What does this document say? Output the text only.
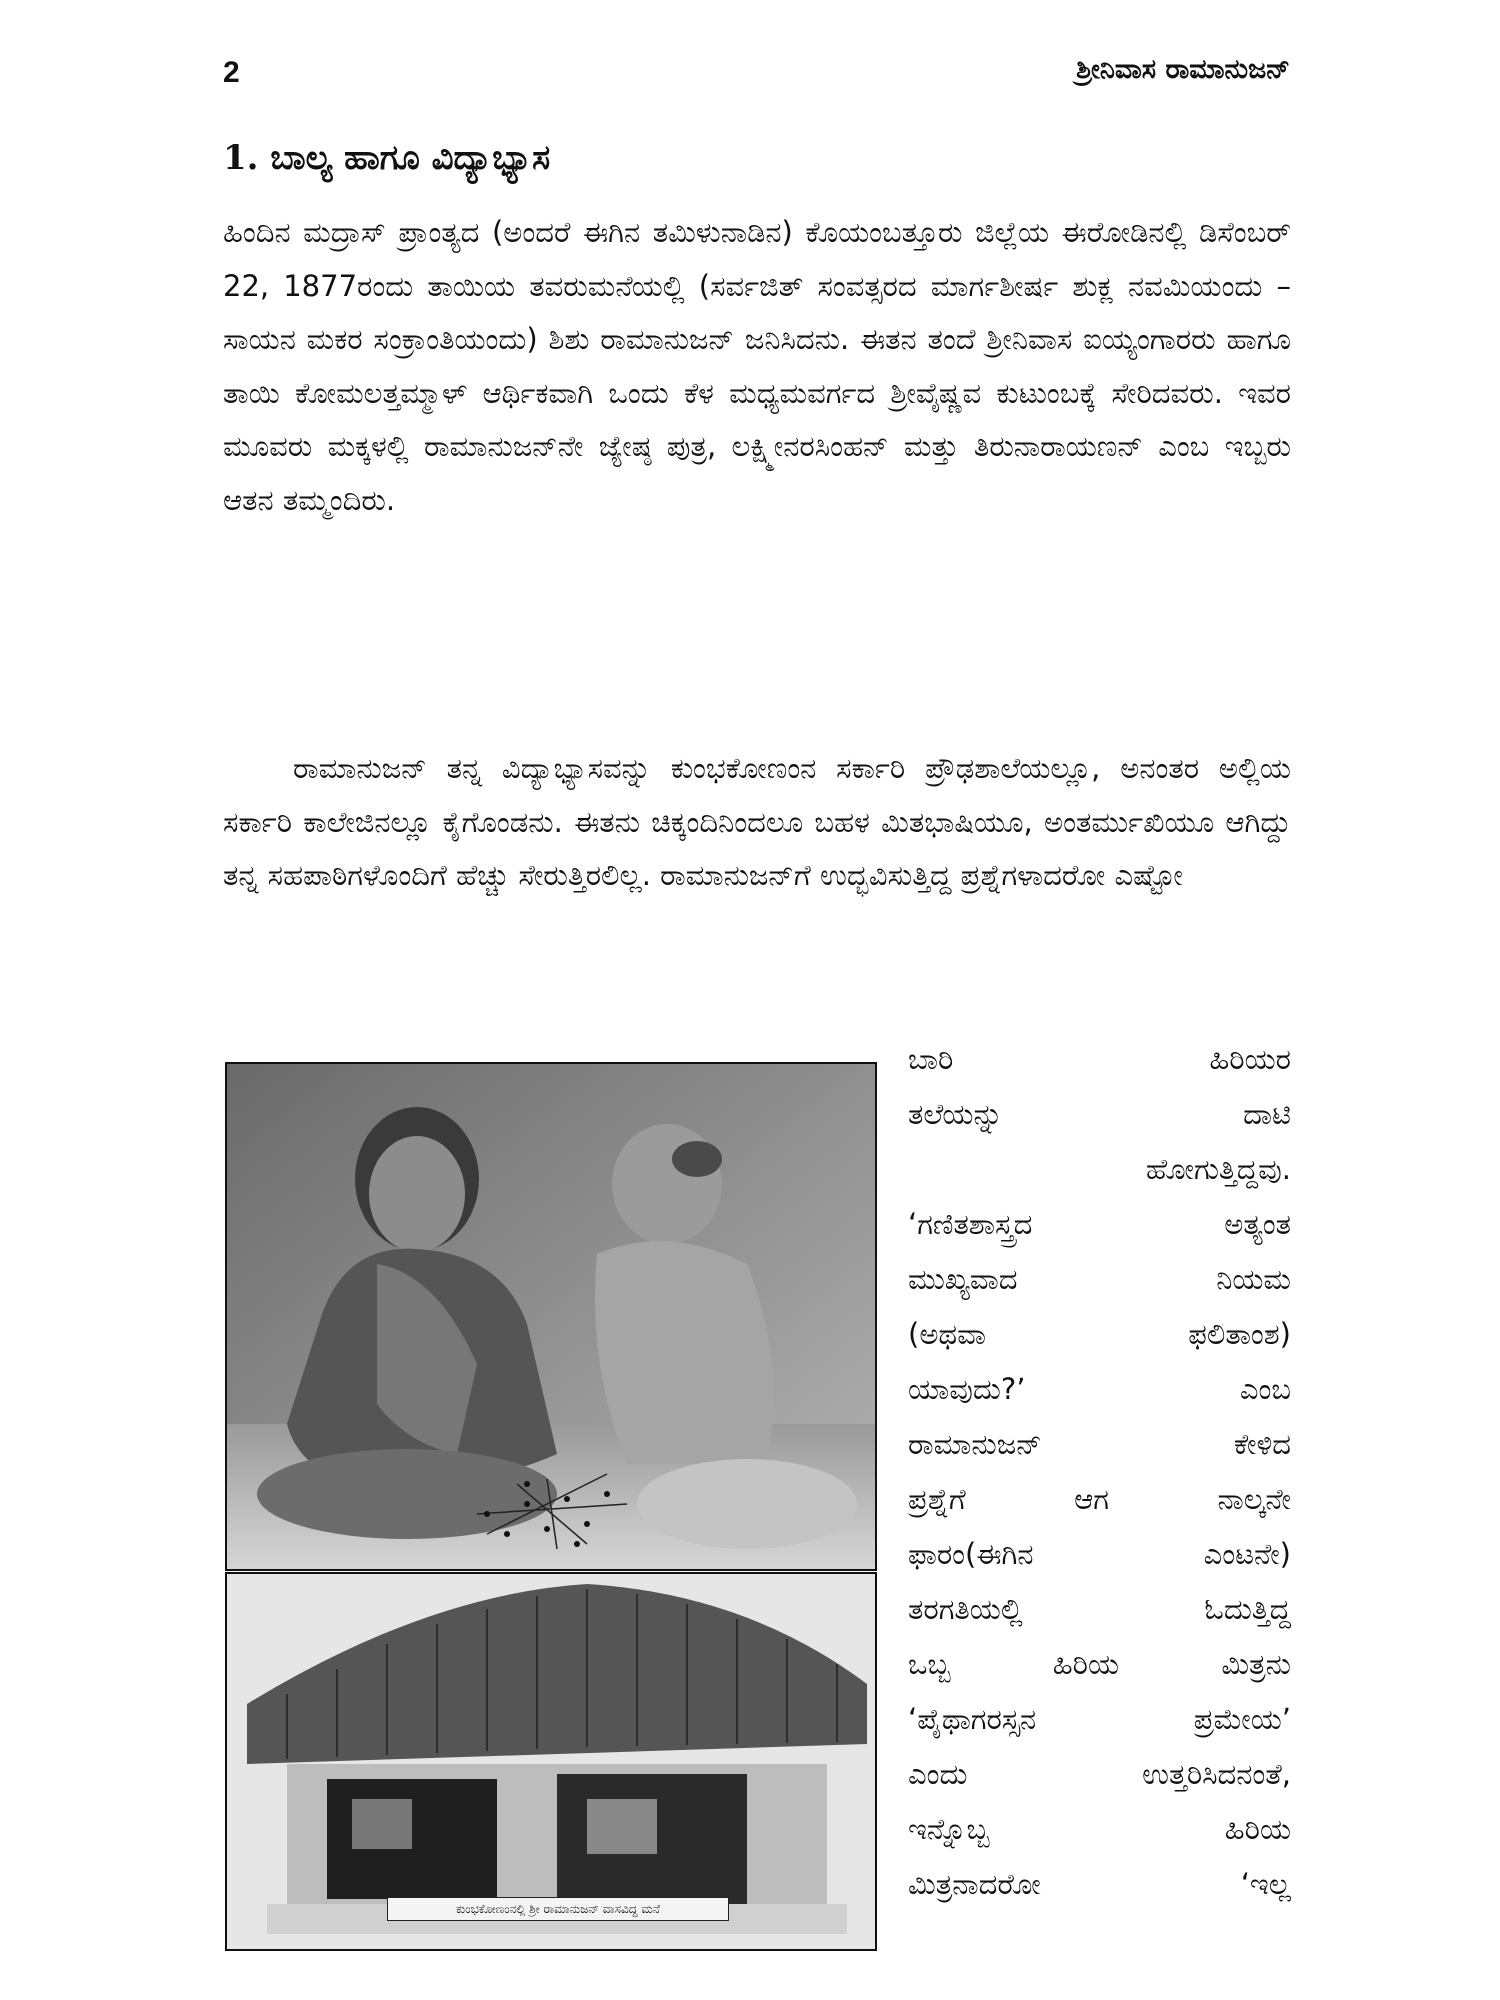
2	ಶ್ರೀನಿವಾಸ ರಾಮಾನುಜನ್
1. ಬಾಲ್ಯ ಹಾಗೂ ವಿದ್ಯಾಭ್ಯಾಸ

ಹಿಂದಿನ ಮದ್ರಾಸ್ ಪ್ರಾಂತ್ಯದ (ಅಂದರೆ ಈಗಿನ ತಮಿಳುನಾಡಿನ) ಕೊಯಂಬತ್ತೂರು ಜಿಲ್ಲೆಯ ಈರೋಡಿನಲ್ಲಿ ಡಿಸೆಂಬರ್ 22, 1877ರಂದು ತಾಯಿಯ ತವರುಮನೆಯಲ್ಲಿ (ಸರ್ವಜಿತ್ ಸಂವತ್ಸರದ ಮಾರ್ಗಶೀರ್ಷ ಶುಕ್ಲ ನವಮಿಯಂದು – ಸಾಯನ ಮಕರ ಸಂಕ್ರಾಂತಿಯಂದು) ಶಿಶು ರಾಮಾನುಜನ್ ಜನಿಸಿದನು. ಈತನ ತಂದೆ ಶ್ರೀನಿವಾಸ ಐಯ್ಯಂಗಾರರು ಹಾಗೂ ತಾಯಿ ಕೋಮಲತ್ತಮ್ಮಾಳ್ ಆರ್ಥಿಕವಾಗಿ ಒಂದು ಕೆಳ ಮಧ್ಯಮವರ್ಗದ ಶ್ರೀವೈಷ್ಣವ ಕುಟುಂಬಕ್ಕೆ ಸೇರಿದವರು. ಇವರ ಮೂವರು ಮಕ್ಕಳಲ್ಲಿ ರಾಮಾನುಜನ್‌ನೇ ಜ್ಯೇಷ್ಠ ಪುತ್ರ, ಲಕ್ಷ್ಮೀನರಸಿಂಹನ್ ಮತ್ತು ತಿರುನಾರಾಯಣನ್ ಎಂಬ ಇಬ್ಬರು ಆತನ ತಮ್ಮಂದಿರು.

ರಾಮಾನುಜನ್ ತನ್ನ ವಿದ್ಯಾಭ್ಯಾಸವನ್ನು ಕುಂಭಕೋಣಂನ ಸರ್ಕಾರಿ ಪ್ರೌಢಶಾಲೆಯಲ್ಲೂ, ಅನಂತರ ಅಲ್ಲಿಯ ಸರ್ಕಾರಿ ಕಾಲೇಜಿನಲ್ಲೂ ಕೈಗೊಂಡನು. ಈತನು ಚಿಕ್ಕಂದಿನಿಂದಲೂ ಬಹಳ ಮಿತಭಾಷಿಯೂ, ಅಂತರ್ಮುಖಿಯೂ ಆಗಿದ್ದು ತನ್ನ ಸಹಪಾಠಿಗಳೊಂದಿಗೆ ಹೆಚ್ಚು ಸೇರುತ್ತಿರಲಿಲ್ಲ. ರಾಮಾನುಜನ್‌ಗೆ ಉದ್ಭವಿಸುತ್ತಿದ್ದ ಪ್ರಶ್ನೆಗಳಾದರೋ ಎಷ್ಟೋ

ಕುಂಭಕೋಣಂನಲ್ಲಿ ಶ್ರೀ ರಾಮಾನುಜನ್ ವಾಸವಿದ್ದ ಮನೆ
ಬಾರಿ	ಹಿರಿಯರ
ತಲೆಯನ್ನು	ದಾಟಿ
ಹೋಗುತ್ತಿದ್ದವು.
‘ಗಣಿತಶಾಸ್ತ್ರದ	ಅತ್ಯಂತ
ಮುಖ್ಯವಾದ	ನಿಯಮ
(ಅಥವಾ	ಫಲಿತಾಂಶ)
ಯಾವುದು?’	ಎಂಬ
ರಾಮಾನುಜನ್	ಕೇಳಿದ
ಪ್ರಶ್ನೆಗೆ	ಆಗ	ನಾಲ್ಕನೇ
ಫಾರಂ(ಈಗಿನ	ಎಂಟನೇ)
ತರಗತಿಯಲ್ಲಿ	ಓದುತ್ತಿದ್ದ
ಒಬ್ಬ	ಹಿರಿಯ	ಮಿತ್ರನು
‘ಪೈಥಾಗರಸ್ಸನ	ಪ್ರಮೇಯ’
ಎಂದು	ಉತ್ತರಿಸಿದನಂತೆ,
ಇನ್ನೊಬ್ಬ	ಹಿರಿಯ
ಮಿತ್ರನಾದರೋ	‘ಇಲ್ಲ
